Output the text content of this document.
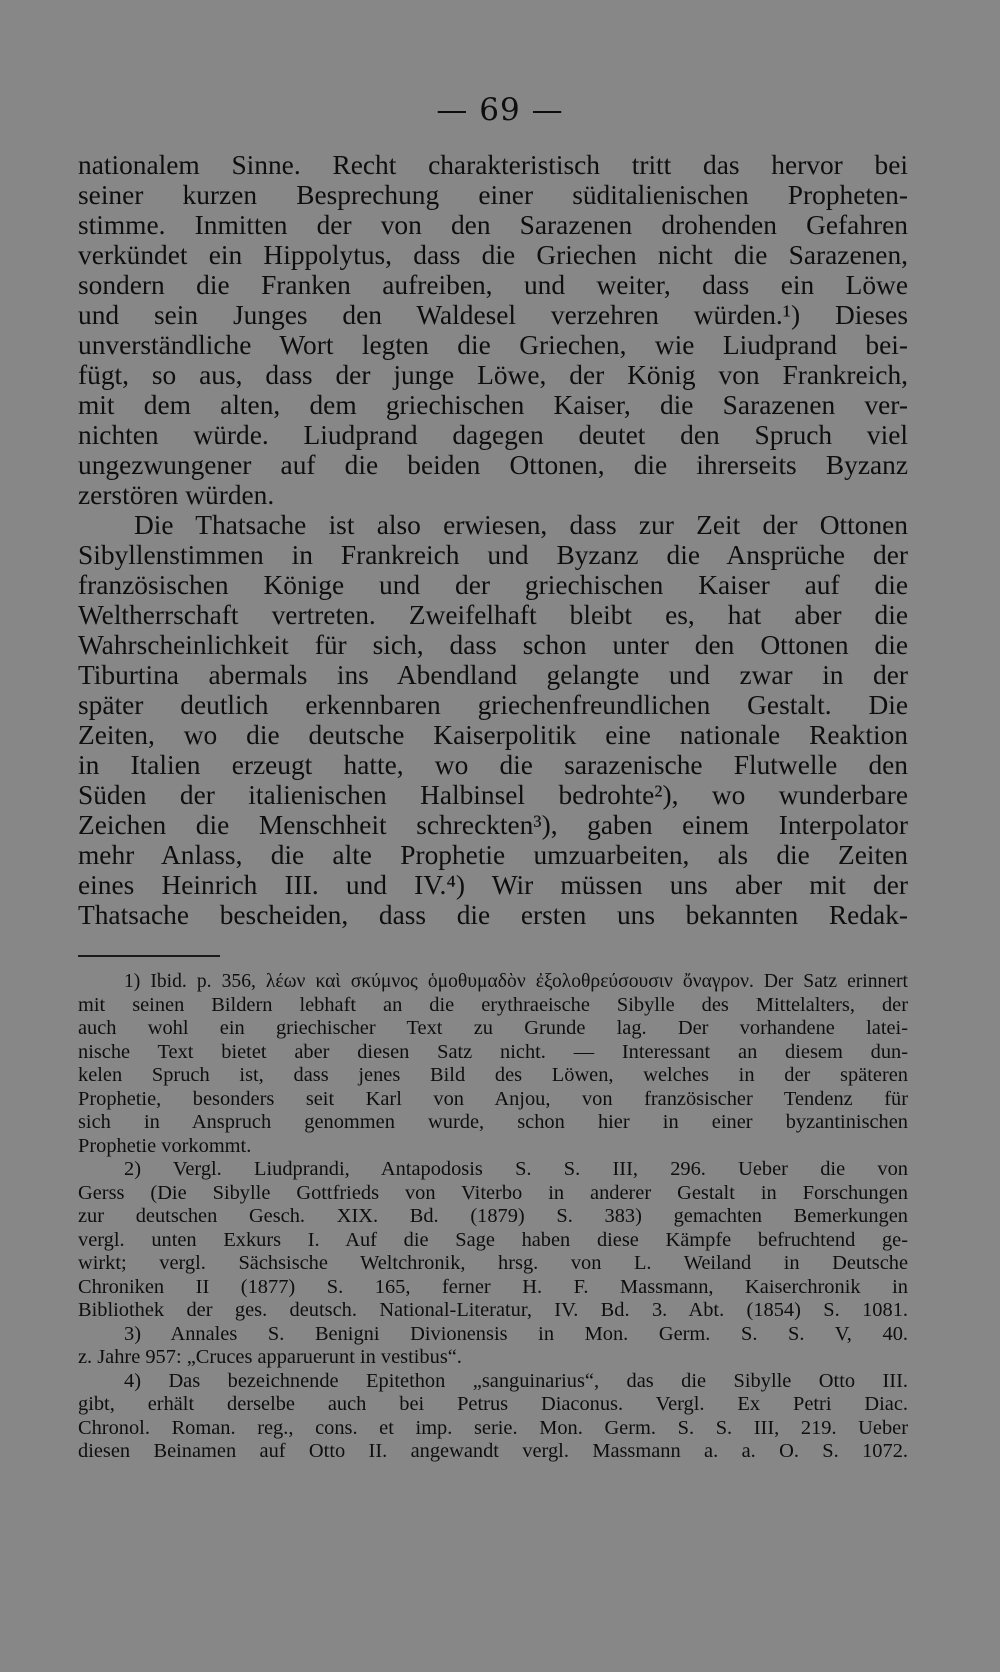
— 69 —
nationalem Sinne. Recht charakteristisch tritt das hervor bei
seiner kurzen Besprechung einer süditalienischen Propheten-
stimme. Inmitten der von den Sarazenen drohenden Gefahren
verkündet ein Hippolytus, dass die Griechen nicht die Sarazenen,
sondern die Franken aufreiben, und weiter, dass ein Löwe
und sein Junges den Waldesel verzehren würden.¹) Dieses
unverständliche Wort legten die Griechen, wie Liudprand bei-
fügt, so aus, dass der junge Löwe, der König von Frankreich,
mit dem alten, dem griechischen Kaiser, die Sarazenen ver-
nichten würde. Liudprand dagegen deutet den Spruch viel
ungezwungener auf die beiden Ottonen, die ihrerseits Byzanz
zerstören würden.
Die Thatsache ist also erwiesen, dass zur Zeit der Ottonen
Sibyllenstimmen in Frankreich und Byzanz die Ansprüche der
französischen Könige und der griechischen Kaiser auf die
Weltherrschaft vertreten. Zweifelhaft bleibt es, hat aber die
Wahrscheinlichkeit für sich, dass schon unter den Ottonen die
Tiburtina abermals ins Abendland gelangte und zwar in der
später deutlich erkennbaren griechenfreundlichen Gestalt. Die
Zeiten, wo die deutsche Kaiserpolitik eine nationale Reaktion
in Italien erzeugt hatte, wo die sarazenische Flutwelle den
Süden der italienischen Halbinsel bedrohte²), wo wunderbare
Zeichen die Menschheit schreckten³), gaben einem Interpolator
mehr Anlass, die alte Prophetie umzuarbeiten, als die Zeiten
eines Heinrich III. und IV.⁴) Wir müssen uns aber mit der
Thatsache bescheiden, dass die ersten uns bekannten Redak-
1) Ibid. p. 356, λέων καὶ σκύμνος ὁμοθυμαδὸν ἐξολοθρεύσουσιν ὄναγρον. Der Satz erinnert
mit seinen Bildern lebhaft an die erythraeische Sibylle des Mittelalters, der
auch wohl ein griechischer Text zu Grunde lag. Der vorhandene latei-
nische Text bietet aber diesen Satz nicht. — Interessant an diesem dun-
kelen Spruch ist, dass jenes Bild des Löwen, welches in der späteren
Prophetie, besonders seit Karl von Anjou, von französischer Tendenz für
sich in Anspruch genommen wurde, schon hier in einer byzantinischen
Prophetie vorkommt.
2) Vergl. Liudprandi, Antapodosis S. S. III, 296. Ueber die von
Gerss (Die Sibylle Gottfrieds von Viterbo in anderer Gestalt in Forschungen
zur deutschen Gesch. XIX. Bd. (1879) S. 383) gemachten Bemerkungen
vergl. unten Exkurs I. Auf die Sage haben diese Kämpfe befruchtend ge-
wirkt; vergl. Sächsische Weltchronik, hrsg. von L. Weiland in Deutsche
Chroniken II (1877) S. 165, ferner H. F. Massmann, Kaiserchronik in
Bibliothek der ges. deutsch. National-Literatur, IV. Bd. 3. Abt. (1854) S. 1081.
3) Annales S. Benigni Divionensis in Mon. Germ. S. S. V, 40.
z. Jahre 957: „Cruces apparuerunt in vestibus“.
4) Das bezeichnende Epitethon „sanguinarius“, das die Sibylle Otto III.
gibt, erhält derselbe auch bei Petrus Diaconus. Vergl. Ex Petri Diac.
Chronol. Roman. reg., cons. et imp. serie. Mon. Germ. S. S. III, 219. Ueber
diesen Beinamen auf Otto II. angewandt vergl. Massmann a. a. O. S. 1072.
